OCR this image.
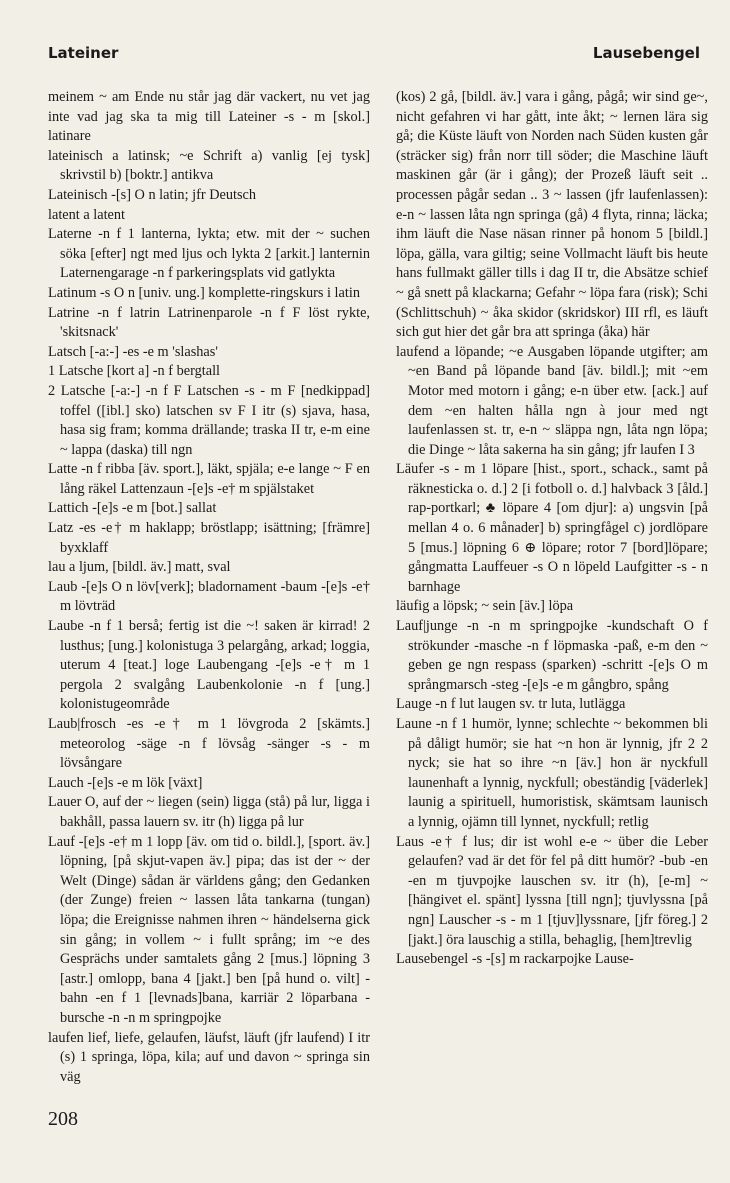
Lateiner	Lausebengel

meinem ~ am Ende nu står jag där vackert, nu vet jag inte vad jag ska ta mig till Lateiner -s - m [skol.] latinare

lateinisch a latinsk; ~e Schrift a) vanlig [ej tysk] skrivstil b) [boktr.] antikva

Lateinisch -[s] O n latin; jfr Deutsch

latent a latent

Laterne -n f 1 lanterna, lykta; etw. mit der ~ suchen söka [efter] ngt med ljus och lykta 2 [arkit.] lanternin Laternengarage -n f parkeringsplats vid gatlykta

Latinum -s O n [univ. ung.] komplette-ringskurs i latin

Latrine -n f latrin Latrinenparole -n f F löst rykte, 'skitsnack'

Latsch [-a:-] -es -e m 'slashas'

1 Latsche [kort a] -n f bergtall

2 Latsche [-a:-] -n f F Latschen -s - m F [nedkippad] toffel ([ibl.] sko) latschen sv F I itr (s) sjava, hasa, hasa sig fram; komma drällande; traska II tr, e-m eine ~ lappa (daska) till ngn

Latte -n f ribba [äv. sport.], läkt, spjäla; e-e lange ~ F en lång räkel Lattenzaun -[e]s -e† m spjälstaket

Lattich -[e]s -e m [bot.] sallat

Latz -es -e† m haklapp; bröstlapp; isättning; [främre] byxklaff

lau a ljum, [bildl. äv.] matt, sval

Laub -[e]s O n löv[verk]; bladornament -baum -[e]s -e† m lövträd

Laube -n f 1 berså; fertig ist die ~! saken är kirrad! 2 lusthus; [ung.] kolonistuga 3 pelargång, arkad; loggia, uterum 4 [teat.] loge Laubengang -[e]s -e† m 1 pergola 2 svalgång Laubenkolonie -n f [ung.] kolonistugeområde

Laub|frosch -es -e† m 1 lövgroda 2 [skämts.] meteorolog -säge -n f lövsåg -sänger -s - m lövsångare

Lauch -[e]s -e m lök [växt]

Lauer O, auf der ~ liegen (sein) ligga (stå) på lur, ligga i bakhåll, passa lauern sv. itr (h) ligga på lur

Lauf -[e]s -e† m 1 lopp [äv. om tid o. bildl.], [sport. äv.] löpning, [på skjut-vapen äv.] pipa; das ist der ~ der Welt (Dinge) sådan är världens gång; den Gedanken (der Zunge) freien ~ lassen låta tankarna (tungan) löpa; die Ereignisse nahmen ihren ~ händelserna gick sin gång; in vollem ~ i fullt språng; im ~e des Gesprächs under samtalets gång 2 [mus.] löpning 3 [astr.] omlopp, bana 4 [jakt.] ben [på hund o. vilt] -bahn -en f 1 [levnads]bana, karriär 2 löparbana -bursche -n -n m springpojke

laufen lief, liefe, gelaufen, läufst, läuft (jfr laufend) I itr (s) 1 springa, löpa, kila; auf und davon ~ springa sin väg

(kos) 2 gå, [bildl. äv.] vara i gång, pågå; wir sind ge~, nicht gefahren vi har gått, inte åkt; ~ lernen lära sig gå; die Küste läuft von Norden nach Süden kusten går (sträcker sig) från norr till söder; die Maschine läuft maskinen går (är i gång); der Prozeß läuft seit .. processen pågår sedan .. 3 ~ lassen (jfr laufenlassen): e-n ~ lassen låta ngn springa (gå) 4 flyta, rinna; läcka; ihm läuft die Nase näsan rinner på honom 5 [bildl.] löpa, gälla, vara giltig; seine Vollmacht läuft bis heute hans fullmakt gäller tills i dag II tr, die Absätze schief ~ gå snett på klackarna; Gefahr ~ löpa fara (risk); Schi (Schlittschuh) ~ åka skidor (skridskor) III rfl, es läuft sich gut hier det går bra att springa (åka) här

laufend a löpande; ~e Ausgaben löpande utgifter; am ~en Band på löpande band [äv. bildl.]; mit ~em Motor med motorn i gång; e-n über etw. [ack.] auf dem ~en halten hålla ngn à jour med ngt laufenlassen st. tr, e-n ~ släppa ngn, låta ngn löpa; die Dinge ~ låta sakerna ha sin gång; jfr laufen I 3

Läufer -s - m 1 löpare [hist., sport., schack., samt på räknesticka o. d.] 2 [i fotboll o. d.] halvback 3 [åld.] rap-portkarl; ♣ löpare 4 [om djur]: a) ungsvin [på mellan 4 o. 6 månader] b) springfågel c) jordlöpare 5 [mus.] löpning 6 ⊕ löpare; rotor 7 [bord]löpare; gångmatta Lauffeuer -s O n löpeld Laufgitter -s - n barnhage

läufig a löpsk; ~ sein [äv.] löpa

Lauf|junge -n -n m springpojke -kundschaft O f strökunder -masche -n f löpmaska -paß, e-m den ~ geben ge ngn respass (sparken) -schritt -[e]s O m språngmarsch -steg -[e]s -e m gångbro, spång

Lauge -n f lut laugen sv. tr luta, lutlägga

Laune -n f 1 humör, lynne; schlechte ~ bekommen bli på dåligt humör; sie hat ~n hon är lynnig, jfr 2 2 nyck; sie hat so ihre ~n [äv.] hon är nyckfull launenhaft a lynnig, nyckfull; obeständig [väderlek] launig a spirituell, humoristisk, skämtsam launisch a lynnig, ojämn till lynnet, nyckfull; retlig

Laus -e† f lus; dir ist wohl e-e ~ über die Leber gelaufen? vad är det för fel på ditt humör? -bub -en -en m tjuvpojke lauschen sv. itr (h), [e-m] ~ [hängivet el. spänt] lyssna [till ngn]; tjuvlyssna [på ngn] Lauscher -s - m 1 [tjuv]lyssnare, [jfr föreg.] 2 [jakt.] öra lauschig a stilla, behaglig, [hem]trevlig

Lausebengel -s -[s] m rackarpojke Lause-

208
